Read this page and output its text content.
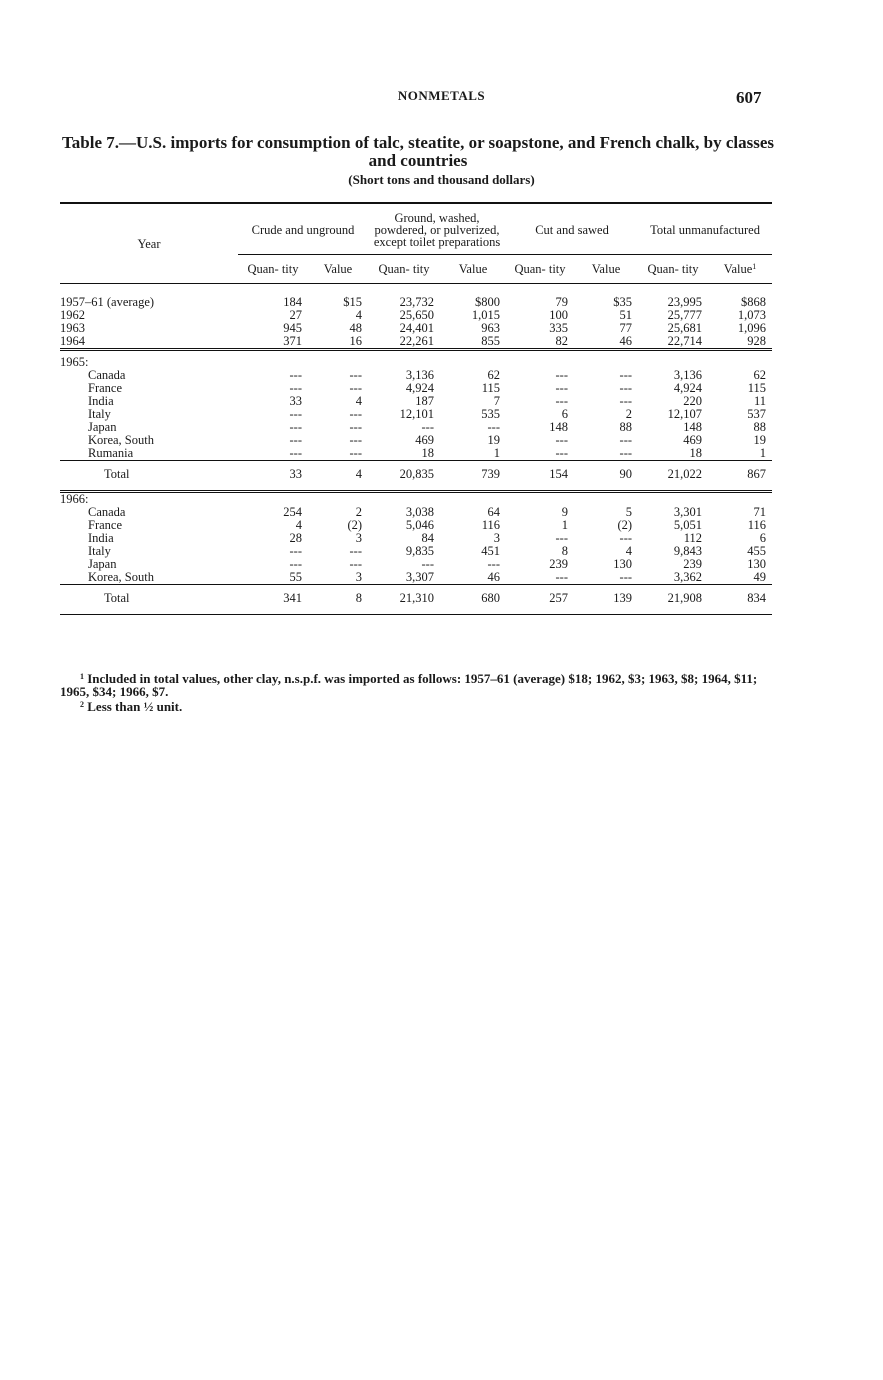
NONMETALS	607
Table 7.—U.S. imports for consumption of talc, steatite, or soapstone, and French chalk, by classes and countries
(Short tons and thousand dollars)
Year	Crude and unground		Ground, washed, powdered, or pulverized, except toilet preparations		Cut and sawed		Total unmanufactured	
	Quan- tity	Value	Quan- tity	Value	Quan- tity	Value	Quan- tity	Value$^1$
1957–61 (average)	184	$15	23,732	$800	79	$35	23,995	$868
1962	27	4	25,650	1,015	100	51	25,777	1,073
1963	945	48	24,401	963	335	77	25,681	1,096
1964	371	16	22,261	855	82	46	22,714	928
1965:								
Canada	---	---	3,136	62	---	---	3,136	62
France	---	---	4,924	115	---	---	4,924	115
India	33	4	187	7	---	---	220	11
Italy	---	---	12,101	535	6	2	12,107	537
Japan	---	---	---	---	148	88	148	88
Korea, South	---	---	469	19	---	---	469	19
Rumania	---	---	18	1	---	---	18	1
Total	33	4	20,835	739	154	90	21,022	867
1966:								
Canada	254	2	3,038	64	9	5	3,301	71
France	4	(2)	5,046	116	1	(2)	5,051	116
India	28	3	84	3	---	---	112	6
Italy	---	---	9,835	451	8	4	9,843	455
Japan	---	---	---	---	239	130	239	130
Korea, South	55	3	3,307	46	---	---	3,362	49
Total	341	8	21,310	680	257	139	21,908	834

$^1$ Included in total values, other clay, n.s.p.f. was imported as follows: 1957–61 (average) $18; 1962, $3; 1963, $8; 1964, $11; 1965, $34; 1966, $7.

$^2$ Less than ½ unit.
